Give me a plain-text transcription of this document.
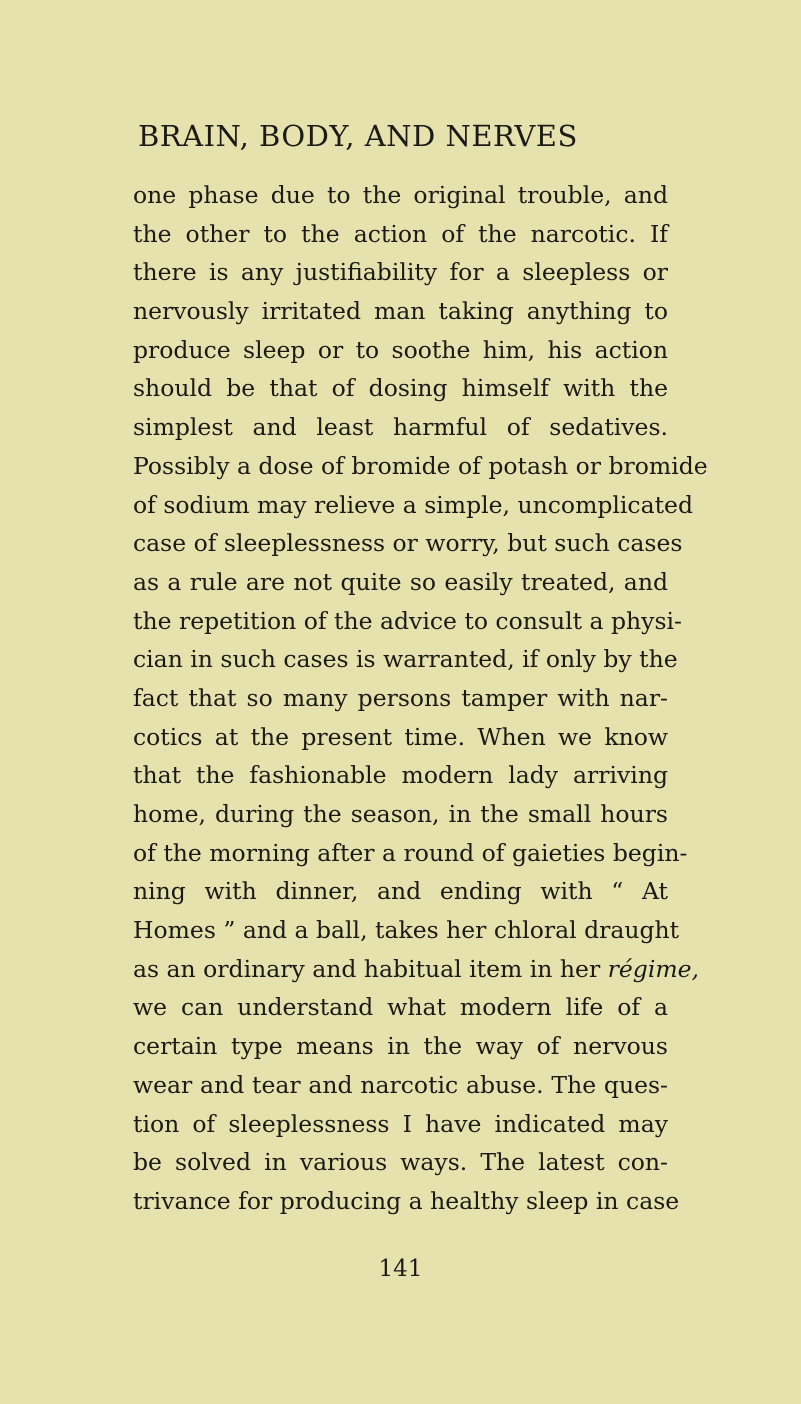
BRAIN, BODY, AND NERVES
one phase due to the original trouble, and
the other to the action of the narcotic. If
there is any justifiability for a sleepless or
nervously irritated man taking anything to
produce sleep or to soothe him, his action
should be that of dosing himself with the
simplest and least harmful of sedatives.
Possibly a dose of bromide of potash or bromide
of sodium may relieve a simple, uncomplicated
case of sleeplessness or worry, but such cases
as a rule are not quite so easily treated, and
the repetition of the advice to consult a physi-
cian in such cases is warranted, if only by the
fact that so many persons tamper with nar-
cotics at the present time. When we know
that the fashionable modern lady arriving
home, during the season, in the small hours
of the morning after a round of gaieties begin-
ning with dinner, and ending with “ At
Homes ” and a ball, takes her chloral draught
as an ordinary and habitual item in her régime,
we can understand what modern life of a
certain type means in the way of nervous
wear and tear and narcotic abuse. The ques-
tion of sleeplessness I have indicated may
be solved in various ways. The latest con-
trivance for producing a healthy sleep in case
141
